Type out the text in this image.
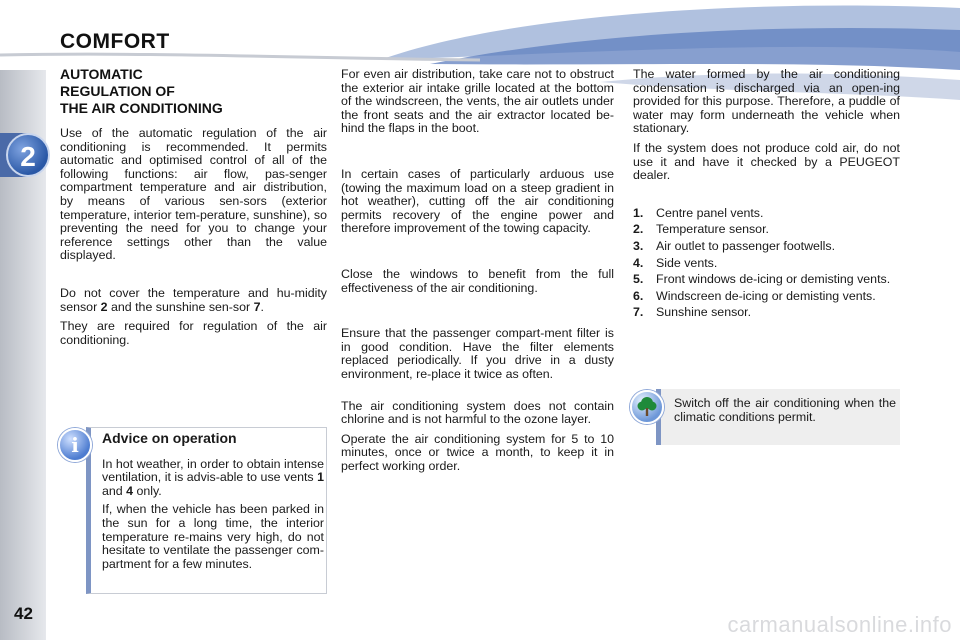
2
COMFORT
AUTOMATIC
REGULATION OF
THE AIR CONDITIONING

Use of the automatic regulation of the air conditioning is recommended. It permits automatic and optimised control of all of the following functions: air flow, pas-senger compartment temperature and air distribution, by means of various sen-sors (exterior temperature, interior tem-perature, sunshine), so preventing the need for you to change your reference settings other than the value displayed.

Do not cover the temperature and hu-midity sensor 2 and the sunshine sen-sor 7.

They are required for regulation of the air conditioning.

Advice on operation

In hot weather, in order to obtain intense ventilation, it is advis-able to use vents 1 and 4 only.

If, when the vehicle has been parked in the sun for a long time, the interior temperature re-mains very high, do not hesitate to ventilate the passenger com-partment for a few minutes.

i

For even air distribution, take care not to obstruct the exterior air intake grille located at the bottom of the windscreen, the vents, the air outlets under the front seats and the air extractor located be-hind the flaps in the boot.

In certain cases of particularly arduous use (towing the maximum load on a steep gradient in hot weather), cutting off the air conditioning permits recovery of the engine power and therefore improvement of the towing capacity.

Close the windows to benefit from the full effectiveness of the air conditioning.

Ensure that the passenger compart-ment filter is in good condition. Have the filter elements replaced periodically. If you drive in a dusty environment, re-place it twice as often.

The air conditioning system does not contain chlorine and is not harmful to the ozone layer.

Operate the air conditioning system for 5 to 10 minutes, once or twice a month, to keep it in perfect working order.

The water formed by the air conditioning condensation is discharged via an open-ing provided for this purpose. Therefore, a puddle of water may form underneath the vehicle when stationary.

If the system does not produce cold air, do not use it and have it checked by a PEUGEOT dealer.

1. Centre panel vents.
2. Temperature sensor.
3. Air outlet to passenger footwells.
4. Side vents.
5. Front windows de-icing or demisting vents.
6. Windscreen de-icing or demisting vents.
7. Sunshine sensor.
Switch off the air conditioning when the climatic conditions permit.
42	carmanualsonline.info
